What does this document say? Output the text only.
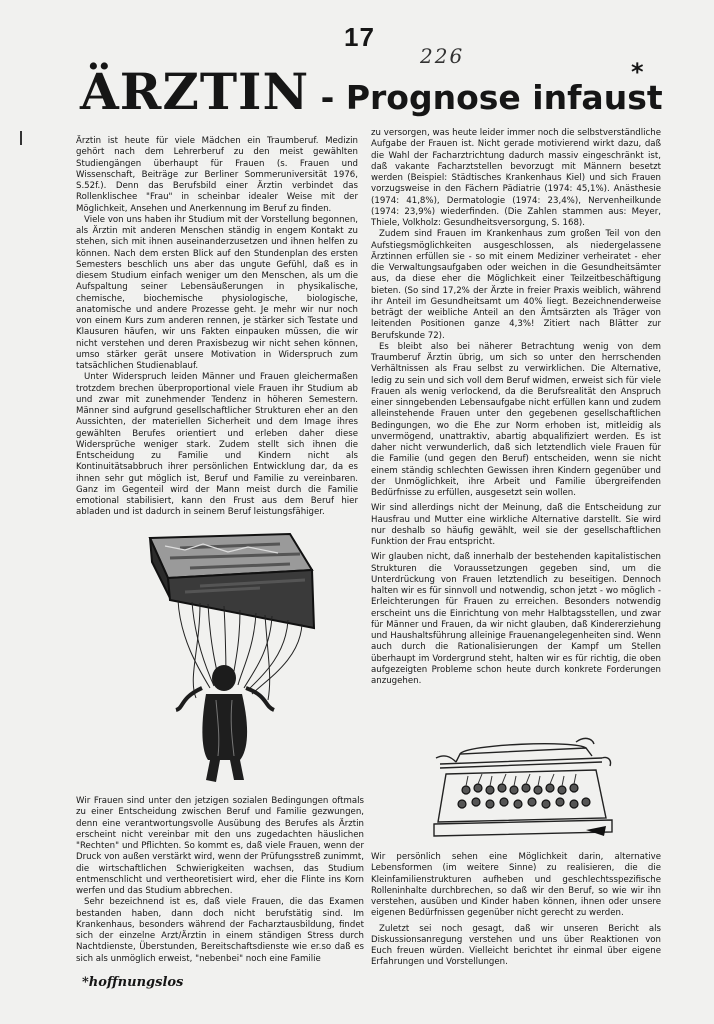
17
226
ÄRZTIN - Prognose infaust
*

Ärztin ist heute für viele Mädchen ein Traumberuf. Medizin gehört nach dem Lehrerberuf zu den meist gewählten Studiengängen überhaupt für Frauen (s. Frauen und Wissenschaft, Beiträge zur Berliner Sommeruniversität 1976, S.52f.). Denn das Berufsbild einer Ärztin verbindet das Rollenklischee "Frau" in scheinbar idealer Weise mit der Möglichkeit, Ansehen und Anerkennung im Beruf zu finden.

Viele von uns haben ihr Studium mit der Vorstellung begonnen, als Ärztin mit anderen Menschen ständig in engem Kontakt zu stehen, sich mit ihnen auseinanderzusetzen und ihnen helfen zu können. Nach dem ersten Blick auf den Stundenplan des ersten Semesters beschlich uns aber das ungute Gefühl, daß es in diesem Studium einfach weniger um den Menschen, als um die Aufspaltung seiner Lebensäußerungen in physikalische, chemische, biochemische physiologische, biologische, anatomische und andere Prozesse geht. Je mehr wir nur noch von einem Kurs zum anderen rennen, je stärker sich Testate und Klausuren häufen, wir uns Fakten einpauken müssen, die wir nicht verstehen und deren Praxisbezug wir nicht sehen können, umso stärker gerät unsere Motivation in Widerspruch zum tatsächlichen Studienablauf.

Unter Widerspruch leiden Männer und Frauen gleichermaßen trotzdem brechen überproportional viele Frauen ihr Studium ab und zwar mit zunehmender Tendenz in höheren Semestern. Männer sind aufgrund gesellschaftlicher Strukturen eher an den Aussichten, der materiellen Sicherheit und dem Image ihres gewählten Berufes orientiert und erleben daher diese Widersprüche weniger stark. Zudem stellt sich ihnen die Entscheidung zu Familie und Kindern nicht als Kontinuitätsabbruch ihrer persönlichen Entwicklung dar, da es ihnen sehr gut möglich ist, Beruf und Familie zu vereinbaren. Ganz im Gegenteil wird der Mann meist durch die Familie emotional stabilisiert, kann den Frust aus dem Beruf hier abladen und ist dadurch in seinem Beruf leistungsfähiger.

zu versorgen, was heute leider immer noch die selbstverständliche Aufgabe der Frauen ist. Nicht gerade motivierend wirkt dazu, daß die Wahl der Facharztrichtung dadurch massiv eingeschränkt ist, daß vakante Facharztstellen bevorzugt mit Männern besetzt werden (Beispiel: Städtisches Krankenhaus Kiel) und sich Frauen vorzugsweise in den Fächern Pädiatrie (1974: 45,1%). Anästhesie (1974: 41,8%), Dermatologie (1974: 23,4%), Nervenheilkunde (1974: 23,9%) wiederfinden. (Die Zahlen stammen aus: Meyer, Thiele, Volkholz: Gesundheitsversorgung, S. 168).

Zudem sind Frauen im Krankenhaus zum großen Teil von den Aufstiegsmöglichkeiten ausgeschlossen, als niedergelassene Ärztinnen erfüllen sie - so mit einem Mediziner verheiratet - eher die Verwaltungsaufgaben oder weichen in die Gesundheitsämter aus, da diese eher die Möglichkeit einer Teilzeitbeschäftigung bieten. (So sind 17,2% der Ärzte in freier Praxis weiblich, während ihr Anteil im Gesundheitsamt um 40% liegt. Bezeichnenderweise beträgt der weibliche Anteil an den Ämtsärzten als Träger von leitenden Positionen ganze 4,3%! Zitiert nach Blätter zur Berufskunde 72).

Es bleibt also bei näherer Betrachtung wenig von dem Traumberuf Ärztin übrig, um sich so unter den herrschenden Verhältnissen als Frau selbst zu verwirklichen. Die Alternative, ledig zu sein und sich voll dem Beruf widmen, erweist sich für viele Frauen als wenig verlockend, da die Berufsrealität den Anspruch einer sinngebenden Lebensaufgabe nicht erfüllen kann und zudem alleinstehende Frauen unter den gegebenen gesellschaftlichen Bedingungen, wo die Ehe zur Norm erhoben ist, mitleidig als unvermögend, unattraktiv, abartig abqualifiziert werden. Es ist daher nicht verwunderlich, daß sich letztendlich viele Frauen für die Familie (und gegen den Beruf) entscheiden, wenn sie nicht einem ständig schlechten Gewissen ihren Kindern gegenüber und der Unmöglichkeit, ihre Arbeit und Familie übergreifenden Bedürfnisse zu erfüllen, ausgesetzt sein wollen.

Wir sind allerdings nicht der Meinung, daß die Entscheidung zur Hausfrau und Mutter eine wirkliche Alternative darstellt. Sie wird nur deshalb so häufig gewählt, weil sie der gesellschaftlichen Funktion der Frau entspricht.

Wir glauben nicht, daß innerhalb der bestehenden kapitalistischen Strukturen die Voraussetzungen gegeben sind, um die Unterdrückung von Frauen letztendlich zu beseitigen. Dennoch halten wir es für sinnvoll und notwendig, schon jetzt - wo möglich - Erleichterungen für Frauen zu erreichen. Besonders notwendig erscheint uns die Einrichtung von mehr Halbtagsstellen, und zwar für Männer und Frauen, da wir nicht glauben, daß Kindererziehung und Haushaltsführung alleinige Frauenangelegenheiten sind. Wenn auch durch die Rationalisierungen der Kampf um Stellen überhaupt im Vordergrund steht, halten wir es für richtig, die oben aufgezeigten Probleme schon heute durch konkrete Forderungen anzugehen.

Wir Frauen sind unter den jetzigen sozialen Bedingungen oftmals zu einer Entscheidung zwischen Beruf und Familie gezwungen, denn eine verantwortungsvolle Ausübung des Berufes als Ärztin erscheint nicht vereinbar mit den uns zugedachten häuslichen "Rechten" und Pflichten. So kommt es, daß viele Frauen, wenn der Druck von außen verstärkt wird, wenn der Prüfungsstreß zunimmt, die wirtschaftlichen Schwierigkeiten wachsen, das Studium entmenschlicht und vertheoretisiert wird, eher die Flinte ins Korn werfen und das Studium abbrechen.

Sehr bezeichnend ist es, daß viele Frauen, die das Examen bestanden haben, dann doch nicht berufstätig sind. Im Krankenhaus, besonders während der Facharztausbildung, findet sich der einzelne Arzt/Ärztin in einem ständigen Stress durch Nachtdienste, Überstunden, Bereitschaftsdienste wie er.so daß es sich als unmöglich erweist, "nebenbei" noch eine Familie

Wir persönlich sehen eine Möglichkeit darin, alternative Lebensformen (im weitere Sinne) zu realisieren, die die Kleinfamilienstrukturen aufheben und geschlechtsspezifische Rolleninhalte durchbrechen, so daß wir den Beruf, so wie wir ihn verstehen, ausüben und Kinder haben können, ihnen oder unsere eigenen Bedürfnissen gegenüber nicht gerecht zu werden.

Zuletzt sei noch gesagt, daß wir unseren Bericht als Diskussionsanregung verstehen und uns über Reaktionen von Euch freuen würden. Vielleicht berichtet ihr einmal über eigene Erfahrungen und Vorstellungen.

*hoffnungslos
